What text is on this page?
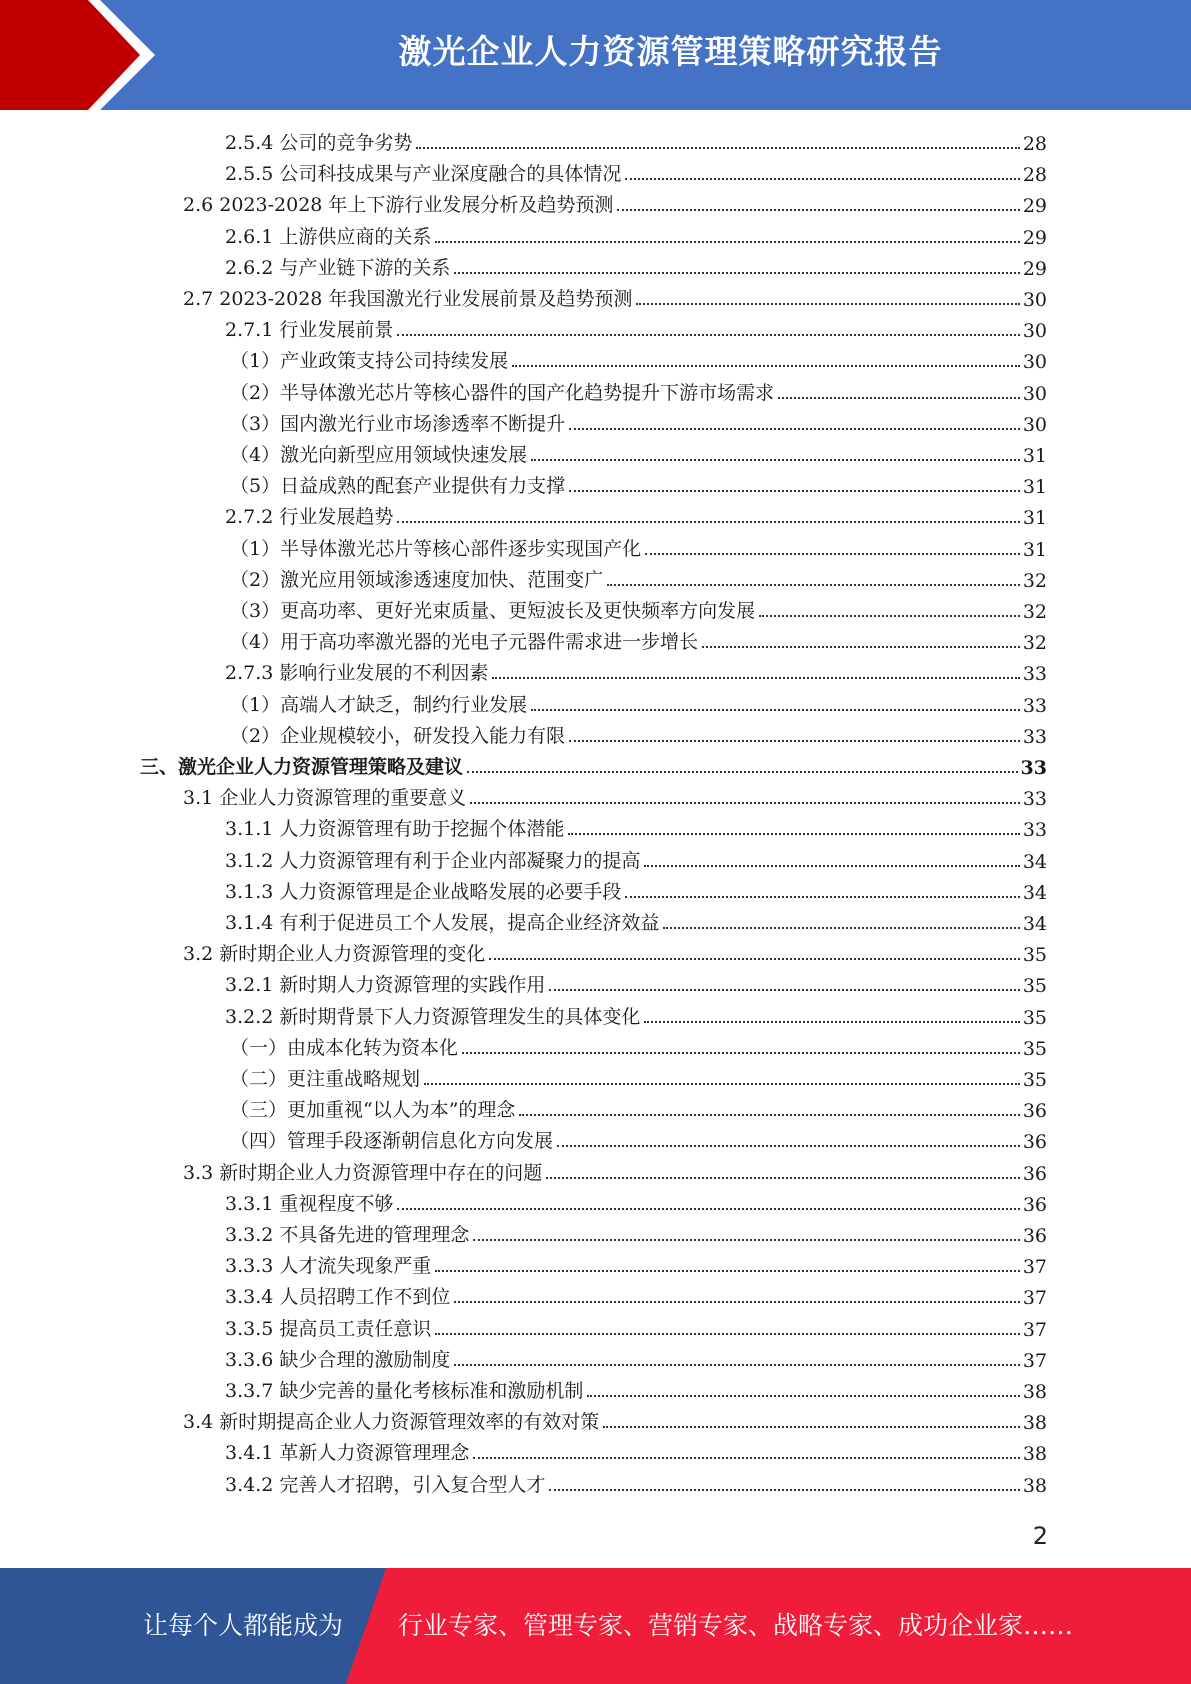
激光企业人力资源管理策略研究报告
2.5.4 公司的竞争劣势	28
2.5.5 公司科技成果与产业深度融合的具体情况	28
2.6 2023-2028 年上下游行业发展分析及趋势预测	29
2.6.1 上游供应商的关系	29
2.6.2 与产业链下游的关系	29
2.7 2023-2028 年我国激光行业发展前景及趋势预测	30
2.7.1 行业发展前景	30
（1）产业政策支持公司持续发展	30
（2）半导体激光芯片等核心器件的国产化趋势提升下游市场需求	30
（3）国内激光行业市场渗透率不断提升	30
（4）激光向新型应用领域快速发展	31
（5）日益成熟的配套产业提供有力支撑	31
2.7.2 行业发展趋势	31
（1）半导体激光芯片等核心部件逐步实现国产化	31
（2）激光应用领域渗透速度加快、范围变广	32
（3）更高功率、更好光束质量、更短波长及更快频率方向发展	32
（4）用于高功率激光器的光电子元器件需求进一步增长	32
2.7.3 影响行业发展的不利因素	33
（1）高端人才缺乏，制约行业发展	33
（2）企业规模较小，研发投入能力有限	33
三、激光企业人力资源管理策略及建议	33
3.1 企业人力资源管理的重要意义	33
3.1.1 人力资源管理有助于挖掘个体潜能	33
3.1.2 人力资源管理有利于企业内部凝聚力的提高	34
3.1.3 人力资源管理是企业战略发展的必要手段	34
3.1.4 有利于促进员工个人发展，提高企业经济效益	34
3.2 新时期企业人力资源管理的变化	35
3.2.1 新时期人力资源管理的实践作用	35
3.2.2 新时期背景下人力资源管理发生的具体变化	35
（一）由成本化转为资本化	35
（二）更注重战略规划	35
（三）更加重视“以人为本”的理念	36
（四）管理手段逐渐朝信息化方向发展	36
3.3 新时期企业人力资源管理中存在的问题	36
3.3.1 重视程度不够	36
3.3.2 不具备先进的管理理念	36
3.3.3 人才流失现象严重	37
3.3.4 人员招聘工作不到位	37
3.3.5 提高员工责任意识	37
3.3.6 缺少合理的激励制度	37
3.3.7 缺少完善的量化考核标准和激励机制	38
3.4 新时期提高企业人力资源管理效率的有效对策	38
3.4.1 革新人力资源管理理念	38
3.4.2 完善人才招聘，引入复合型人才	38
2
让每个人都能成为	行业专家、管理专家、营销专家、战略专家、成功企业家……
